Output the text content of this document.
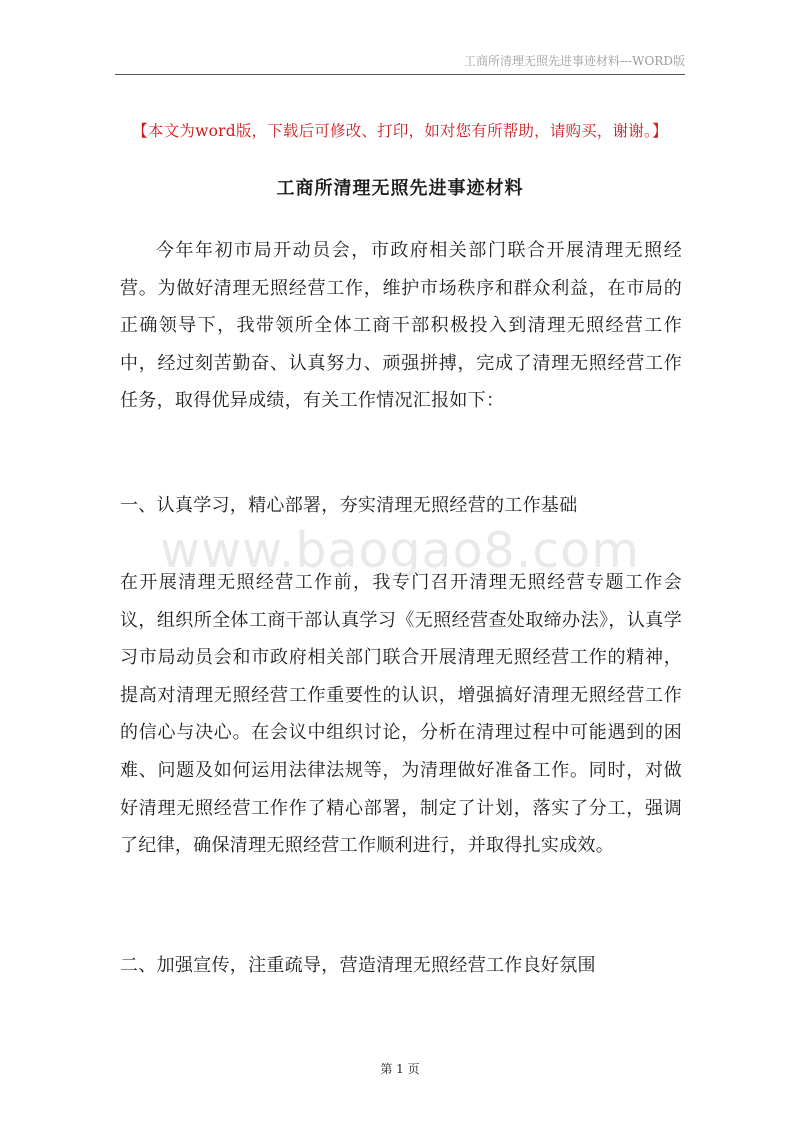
工商所清理无照先进事迹材料---WORD版
【本文为word版，下载后可修改、打印，如对您有所帮助，请购买，谢谢。】
工商所清理无照先进事迹材料

今年年初市局开动员会，市政府相关部门联合开展清理无照经营。为做好清理无照经营工作，维护市场秩序和群众利益，在市局的正确领导下，我带领所全体工商干部积极投入到清理无照经营工作中，经过刻苦勤奋、认真努力、顽强拼搏，完成了清理无照经营工作任务，取得优异成绩，有关工作情况汇报如下：

一、认真学习，精心部署，夯实清理无照经营的工作基础

www.baogao8.com

在开展清理无照经营工作前，我专门召开清理无照经营专题工作会议，组织所全体工商干部认真学习《无照经营查处取缔办法》，认真学习市局动员会和市政府相关部门联合开展清理无照经营工作的精神，提高对清理无照经营工作重要性的认识，增强搞好清理无照经营工作的信心与决心。在会议中组织讨论，分析在清理过程中可能遇到的困难、问题及如何运用法律法规等，为清理做好准备工作。同时，对做好清理无照经营工作作了精心部署，制定了计划，落实了分工，强调了纪律，确保清理无照经营工作顺利进行，并取得扎实成效。

二、加强宣传，注重疏导，营造清理无照经营工作良好氛围

第 1 页
